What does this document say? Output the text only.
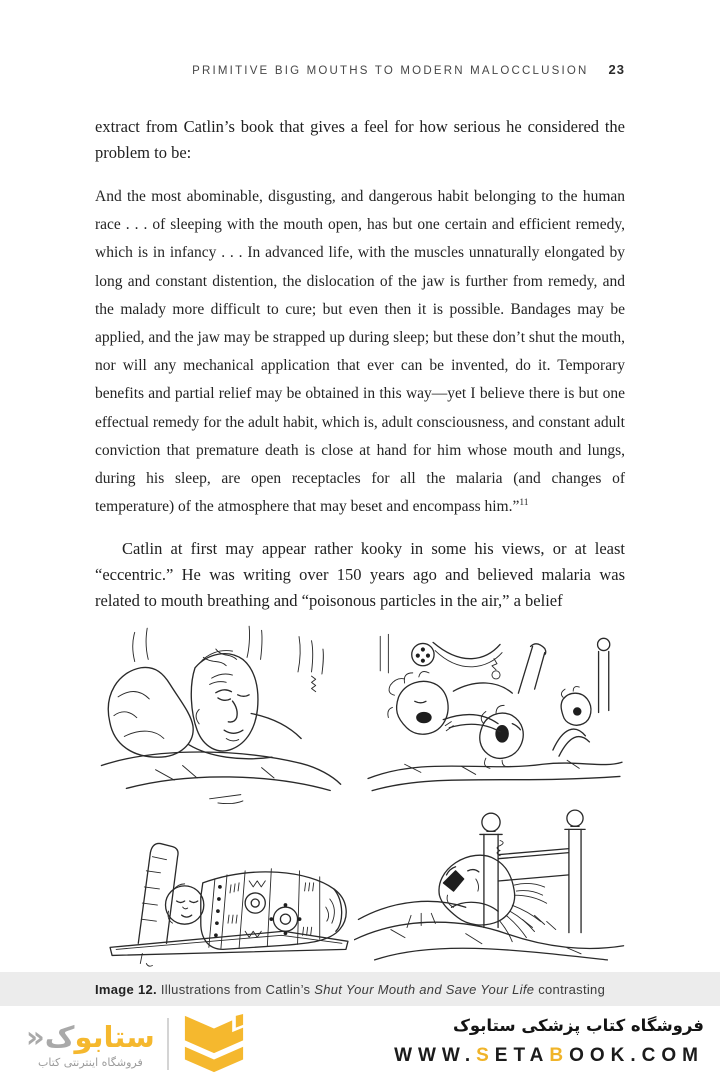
PRIMITIVE BIG MOUTHS TO MODERN MALOCCLUSION 23

extract from Catlin’s book that gives a feel for how serious he considered the problem to be:

And the most abominable, disgusting, and dangerous habit belonging to the human race . . . of sleeping with the mouth open, has but one certain and efficient remedy, which is in infancy . . . In advanced life, with the muscles unnaturally elongated by long and constant distention, the dislocation of the jaw is further from remedy, and the malady more difficult to cure; but even then it is possible. Bandages may be applied, and the jaw may be strapped up during sleep; but these don’t shut the mouth, nor will any mechanical application that ever can be invented, do it. Temporary benefits and partial relief may be obtained in this way—yet I believe there is but one effectual remedy for the adult habit, which is, adult consciousness, and constant adult conviction that premature death is close at hand for him whose mouth and lungs, during his sleep, are open receptacles for all the malaria (and changes of temperature) of the atmosphere that may beset and encompass him.”$^{11}$

Catlin at first may appear rather kooky in some his views, or at least “eccentric.” He was writing over 150 years ago and believed malaria was related to mouth breathing and “poisonous particles in the air,” a belief

Image 12. Illustrations from Catlin’s Shut Your Mouth and Save Your Life contrasting
ستابوک«
فروشگاه اینترنتی کتاب
فروشگاه کتاب پزشکی ستابوک
WWW.SETABOOK.COM
